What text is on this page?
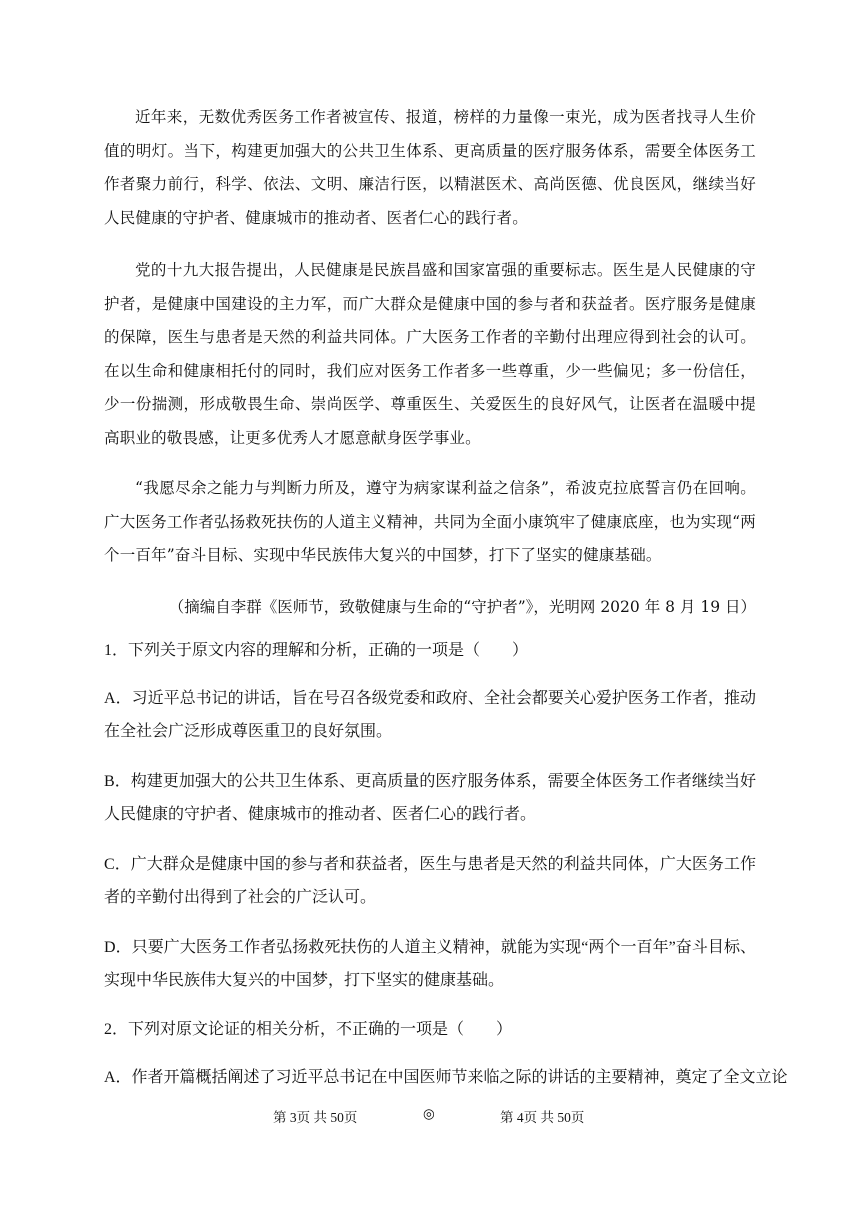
近年来，无数优秀医务工作者被宣传、报道，榜样的力量像一束光，成为医者找寻人生价值的明灯。当下，构建更加强大的公共卫生体系、更高质量的医疗服务体系，需要全体医务工作者聚力前行，科学、依法、文明、廉洁行医，以精湛医术、高尚医德、优良医风，继续当好人民健康的守护者、健康城市的推动者、医者仁心的践行者。

党的十九大报告提出，人民健康是民族昌盛和国家富强的重要标志。医生是人民健康的守护者，是健康中国建设的主力军，而广大群众是健康中国的参与者和获益者。医疗服务是健康的保障，医生与患者是天然的利益共同体。广大医务工作者的辛勤付出理应得到社会的认可。在以生命和健康相托付的同时，我们应对医务工作者多一些尊重，少一些偏见；多一份信任，少一份揣测，形成敬畏生命、崇尚医学、尊重医生、关爱医生的良好风气，让医者在温暖中提高职业的敬畏感，让更多优秀人才愿意献身医学事业。

“我愿尽余之能力与判断力所及，遵守为病家谋利益之信条”，希波克拉底誓言仍在回响。广大医务工作者弘扬救死扶伤的人道主义精神，共同为全面小康筑牢了健康底座，也为实现“两个一百年”奋斗目标、实现中华民族伟大复兴的中国梦，打下了坚实的健康基础。

（摘编自李群《医师节，致敬健康与生命的“守护者”》，光明网 2020 年 8 月 19 日）

1．下列关于原文内容的理解和分析，正确的一项是（　　）

A．习近平总书记的讲话，旨在号召各级党委和政府、全社会都要关心爱护医务工作者，推动在全社会广泛形成尊医重卫的良好氛围。

B．构建更加强大的公共卫生体系、更高质量的医疗服务体系，需要全体医务工作者继续当好人民健康的守护者、健康城市的推动者、医者仁心的践行者。

C．广大群众是健康中国的参与者和获益者，医生与患者是天然的利益共同体，广大医务工作者的辛勤付出得到了社会的广泛认可。

D．只要广大医务工作者弘扬救死扶伤的人道主义精神，就能为实现“两个一百年”奋斗目标、实现中华民族伟大复兴的中国梦，打下坚实的健康基础。

2．下列对原文论证的相关分析，不正确的一项是（　　）

A．作者开篇概括阐述了习近平总书记在中国医师节来临之际的讲话的主要精神，奠定了全文立论

第 3页 共 50页	◎	第 4页 共 50页
